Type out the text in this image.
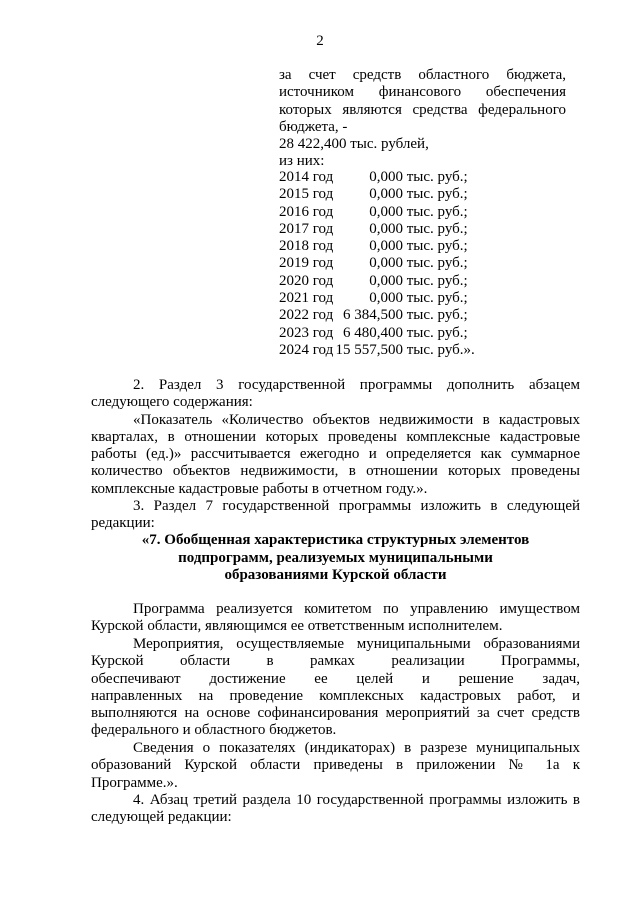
2
за счет средств областного бюджета,
источником финансового обеспечения
которых являются средства федерального
бюджета, -
28 422,400 тыс. рублей,
из них:
2014 год 0,000 тыс. руб.;
2015 год 0,000 тыс. руб.;
2016 год 0,000 тыс. руб.;
2017 год 0,000 тыс. руб.;
2018 год 0,000 тыс. руб.;
2019 год 0,000 тыс. руб.;
2020 год 0,000 тыс. руб.;
2021 год 0,000 тыс. руб.;
2022 год 6 384,500 тыс. руб.;
2023 год 6 480,400 тыс. руб.;
2024 год 15 557,500 тыс. руб.».
2. Раздел 3 государственной программы дополнить абзацем
следующего содержания:
«Показатель «Количество объектов недвижимости в кадастровых
кварталах, в отношении которых проведены комплексные кадастровые
работы (ед.)» рассчитывается ежегодно и определяется как суммарное
количество объектов недвижимости, в отношении которых проведены
комплексные кадастровые работы в отчетном году.».
3. Раздел 7 государственной программы изложить в следующей
редакции:
«7. Обобщенная характеристика структурных элементов
подпрограмм, реализуемых муниципальными
образованиями Курской области
Программа реализуется комитетом по управлению имуществом
Курской области, являющимся ее ответственным исполнителем.
Мероприятия, осуществляемые муниципальными образованиями
Курской области в рамках реализации Программы,
обеспечивают достижение ее целей и решение задач,
направленных на проведение комплексных кадастровых работ, и
выполняются на основе софинансирования мероприятий за счет средств
федерального и областного бюджетов.
Сведения о показателях (индикаторах) в разрезе муниципальных
образований Курской области приведены в приложении № 1а к
Программе.».
4. Абзац третий раздела 10 государственной программы изложить в
следующей редакции:
